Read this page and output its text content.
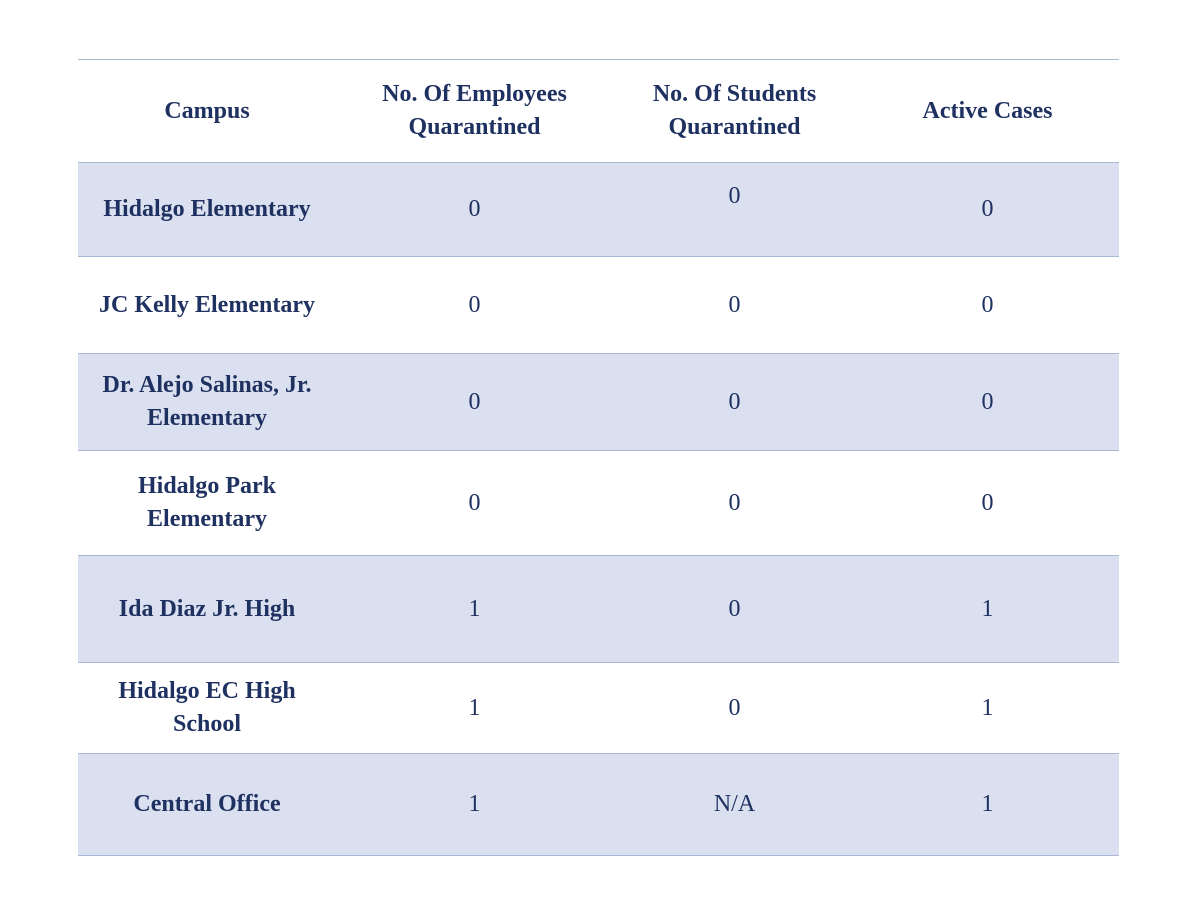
Campus	No. Of Employees Quarantined	No. Of Students Quarantined	Active Cases
Hidalgo Elementary	0	0	0
JC Kelly Elementary	0	0	0
Dr. Alejo Salinas, Jr. Elementary	0	0	0
Hidalgo Park Elementary	0	0	0
Ida Diaz Jr. High	1	0	1
Hidalgo EC High School	1	0	1
Central Office	1	N/A	1
